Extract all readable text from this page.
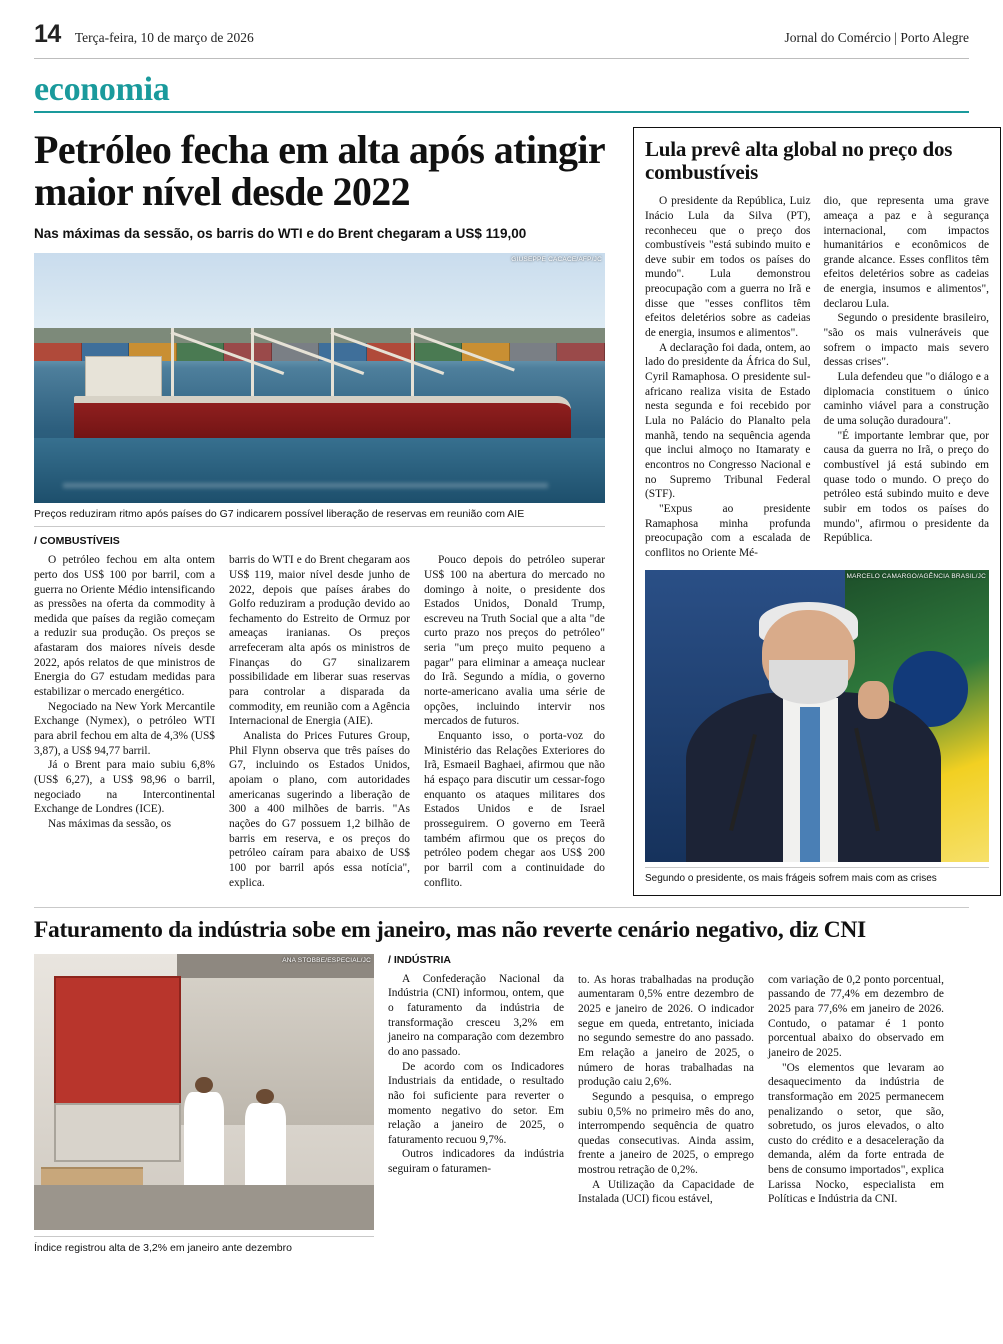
14 Terça-feira, 10 de março de 2026	Jornal do Comércio | Porto Alegre
economia
Petróleo fecha em alta após atingir maior nível desde 2022
Nas máximas da sessão, os barris do WTI e do Brent chegaram a US$ 119,00
GIUSEPPE CACACE/AFP/JC
Preços reduziram ritmo após países do G7 indicarem possível liberação de reservas em reunião com AIE
/ COMBUSTÍVEIS

O petróleo fechou em alta ontem perto dos US$ 100 por barril, com a guerra no Oriente Médio intensificando as pressões na oferta da commodity à medida que países da região começam a reduzir sua produção. Os preços se afastaram dos maiores níveis desde 2022, após relatos de que ministros de Energia do G7 estudam medidas para estabilizar o mercado energético.

Negociado na New York Mercantile Exchange (Nymex), o petróleo WTI para abril fechou em alta de 4,3% (US$ 3,87), a US$ 94,77 barril.

Já o Brent para maio subiu 6,8% (US$ 6,27), a US$ 98,96 o barril, negociado na Intercontinental Exchange de Londres (ICE).

Nas máximas da sessão, os

barris do WTI e do Brent chegaram aos US$ 119, maior nível desde junho de 2022, depois que países árabes do Golfo reduziram a produção devido ao fechamento do Estreito de Ormuz por ameaças iranianas. Os preços arrefeceram alta após os ministros de Finanças do G7 sinalizarem possibilidade em liberar suas reservas para controlar a disparada da commodity, em reunião com a Agência Internacional de Energia (AIE).

Analista do Prices Futures Group, Phil Flynn observa que três países do G7, incluindo os Estados Unidos, apoiam o plano, com autoridades americanas sugerindo a liberação de 300 a 400 milhões de barris. "As nações do G7 possuem 1,2 bilhão de barris em reserva, e os preços do petróleo caíram para abaixo de US$ 100 por barril após essa notícia", explica.

Pouco depois do petróleo superar US$ 100 na abertura do mercado no domingo à noite, o presidente dos Estados Unidos, Donald Trump, escreveu na Truth Social que a alta "de curto prazo nos preços do petróleo" seria "um preço muito pequeno a pagar" para eliminar a ameaça nuclear do Irã. Segundo a mídia, o governo norte-americano avalia uma série de opções, incluindo intervir nos mercados de futuros.

Enquanto isso, o porta-voz do Ministério das Relações Exteriores do Irã, Esmaeil Baghaei, afirmou que não há espaço para discutir um cessar-fogo enquanto os ataques militares dos Estados Unidos e de Israel prosseguirem. O governo em Teerã também afirmou que os preços do petróleo podem chegar aos US$ 200 por barril com a continuidade do conflito.

Lula prevê alta global no preço dos combustíveis

O presidente da República, Luiz Inácio Lula da Silva (PT), reconheceu que o preço dos combustíveis "está subindo muito e deve subir em todos os países do mundo". Lula demonstrou preocupação com a guerra no Irã e disse que "esses conflitos têm efeitos deletérios sobre as cadeias de energia, insumos e alimentos".

A declaração foi dada, ontem, ao lado do presidente da África do Sul, Cyril Ramaphosa. O presidente sul-africano realiza visita de Estado nesta segunda e foi recebido por Lula no Palácio do Planalto pela manhã, tendo na sequência agenda que inclui almoço no Itamaraty e encontros no Congresso Nacional e no Supremo Tribunal Federal (STF).

"Expus ao presidente Ramaphosa minha profunda preocupação com a escalada de conflitos no Oriente Mé-

dio, que representa uma grave ameaça a paz e à segurança internacional, com impactos humanitários e econômicos de grande alcance. Esses conflitos têm efeitos deletérios sobre as cadeias de energia, insumos e alimentos", declarou Lula.

Segundo o presidente brasileiro, "são os mais vulneráveis que sofrem o impacto mais severo dessas crises".

Lula defendeu que "o diálogo e a diplomacia constituem o único caminho viável para a construção de uma solução duradoura".

"É importante lembrar que, por causa da guerra no Irã, o preço do combustível já está subindo em quase todo o mundo. O preço do petróleo está subindo muito e deve subir em todos os países do mundo", afirmou o presidente da República.

MARCELO CAMARGO/AGÊNCIA BRASIL/JC
Segundo o presidente, os mais frágeis sofrem mais com as crises
Faturamento da indústria sobe em janeiro, mas não reverte cenário negativo, diz CNI
ANA STOBBE/ESPECIAL/JC
Índice registrou alta de 3,2% em janeiro ante dezembro
/ INDÚSTRIA

A Confederação Nacional da Indústria (CNI) informou, ontem, que o faturamento da indústria de transformação cresceu 3,2% em janeiro na comparação com dezembro do ano passado.

De acordo com os Indicadores Industriais da entidade, o resultado não foi suficiente para reverter o momento negativo do setor. Em relação a janeiro de 2025, o faturamento recuou 9,7%.

Outros indicadores da indústria seguiram o faturamen-

to. As horas trabalhadas na produção aumentaram 0,5% entre dezembro de 2025 e janeiro de 2026. O indicador segue em queda, entretanto, iniciada no segundo semestre do ano passado. Em relação a janeiro de 2025, o número de horas trabalhadas na produção caiu 2,6%.

Segundo a pesquisa, o emprego subiu 0,5% no primeiro mês do ano, interrompendo sequência de quatro quedas consecutivas. Ainda assim, frente a janeiro de 2025, o emprego mostrou retração de 0,2%.

A Utilização da Capacidade de Instalada (UCI) ficou estável,

com variação de 0,2 ponto porcentual, passando de 77,4% em dezembro de 2025 para 77,6% em janeiro de 2026. Contudo, o patamar é 1 ponto porcentual abaixo do observado em janeiro de 2025.

"Os elementos que levaram ao desaquecimento da indústria de transformação em 2025 permanecem penalizando o setor, que são, sobretudo, os juros elevados, o alto custo do crédito e a desaceleração da demanda, além da forte entrada de bens de consumo importados", explica Larissa Nocko, especialista em Políticas e Indústria da CNI.
